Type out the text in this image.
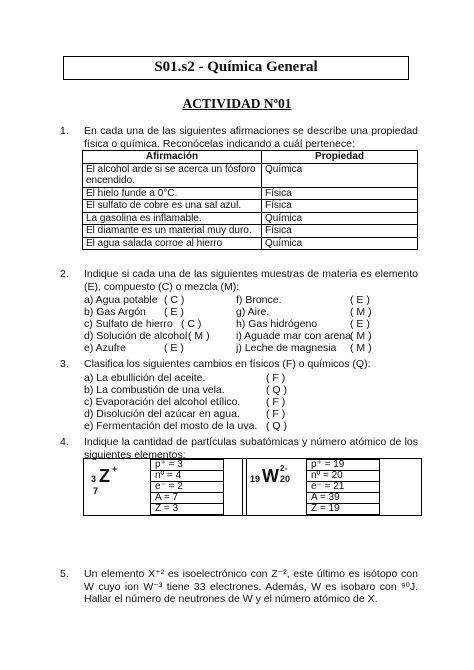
S01.s2 - Química General
ACTIVIDAD Nº01
1.	En cada una de las siguientes afirmaciones se describe una propiedad física o química. Reconócelas indicando a cuál pertenece:
Afirmación	Propiedad
El alcohol arde si se acerca un fósforo encendido.	Química
El hielo funde a 0°C.	Física
El sulfato de cobre es una sal azul.	Física
La gasolina es inflamable.	Química
El diamante es un material muy duro.	Física
El agua salada corroe al hierro	Química
2.	Indique si cada una de las siguientes muestras de materia es elemento (E), compuesto (C) o mezcla (M):
a) Agua potable ( C )
b) Gas Argón ( E )
c) Sulfato de hierro ( C )
d) Solución de alcohol ( M )
e) Azufre	( E )
f) Bronce.	( E )
g) Aire.	( M )
h) Gas hidrógeno	( E )
i) Aguade mar con arena ( M )
j) Leche de magnesia ( M )
3.	Clasifica los siguientes cambios en físicos (F) o químicos (Q):
a) La ebullición del aceite.	( F )
b) La combustión de una vela.	( Q )
c) Evaporación del alcohol etílico. ( F )
d) Disolución del azúcar en agua. ( F )
e) Fermentación del mosto de la uva. ( Q )
4.	Indique la cantidad de partículas subatómicas y número atómico de los siguientes elementos:
3 Z +
7
p⁺ = 3
nº = 4
e⁻ = 2
A = 7
Z = 3
19 W 2-
20
p⁺ = 19
nº = 20
e⁻ = 21
A = 39
Z = 19
5.	Un elemento X⁺² es isoelectrónico con Z⁻², este último es isótopo con W cuyo ion W⁻³ tiene 33 electrones. Además, W es isobaro con ⁹⁰J. Hallar el número de neutrones de W y el número atómico de X.
